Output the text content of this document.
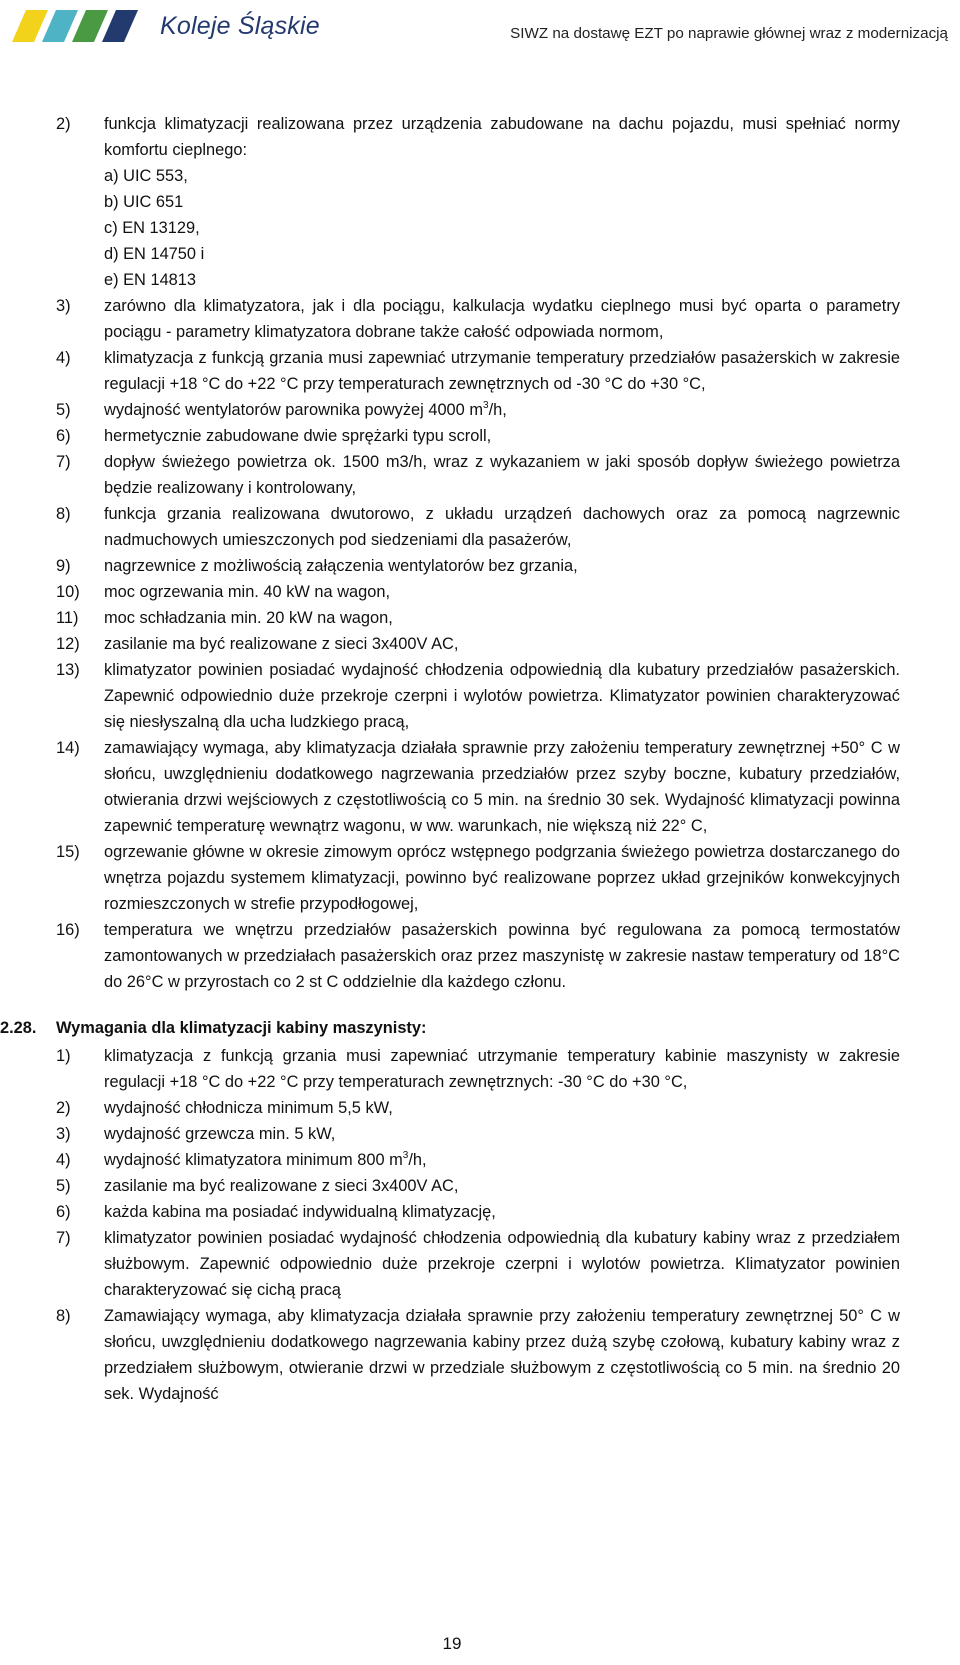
Koleje Śląskie	SIWZ na dostawę EZT po naprawie głównej wraz z modernizacją
2) funkcja klimatyzacji realizowana przez urządzenia zabudowane na dachu pojazdu, musi spełniać normy komfortu cieplnego:
a) UIC 553,
b) UIC 651
c) EN 13129,
d) EN 14750 i
e) EN 14813
3) zarówno dla klimatyzatora, jak i dla pociągu, kalkulacja wydatku cieplnego musi być oparta o parametry pociągu - parametry klimatyzatora dobrane także całość odpowiada normom,
4) klimatyzacja z funkcją grzania musi zapewniać utrzymanie temperatury przedziałów pasażerskich w zakresie regulacji +18 °C do +22 °C przy temperaturach zewnętrznych od -30 °C do +30 °C,
5) wydajność wentylatorów parownika powyżej 4000 $m^3/h$,
6) hermetycznie zabudowane dwie sprężarki typu scroll,
7) dopływ świeżego powietrza ok. 1500 m3/h, wraz z wykazaniem w jaki sposób dopływ świeżego powietrza będzie realizowany i kontrolowany,
8) funkcja grzania realizowana dwutorowo, z układu urządzeń dachowych oraz za pomocą nagrzewnic nadmuchowych umieszczonych pod siedzeniami dla pasażerów,
9) nagrzewnice z możliwością załączenia wentylatorów bez grzania,
10) moc ogrzewania min. 40 kW na wagon,
11) moc schładzania min. 20 kW na wagon,
12) zasilanie ma być realizowane z sieci 3x400V AC,
13) klimatyzator powinien posiadać wydajność chłodzenia odpowiednią dla kubatury przedziałów pasażerskich. Zapewnić odpowiednio duże przekroje czerpni i wylotów powietrza. Klimatyzator powinien charakteryzować się niesłyszalną dla ucha ludzkiego pracą,
14) zamawiający wymaga, aby klimatyzacja działała sprawnie przy założeniu temperatury zewnętrznej +50° C w słońcu, uwzględnieniu dodatkowego nagrzewania przedziałów przez szyby boczne, kubatury przedziałów, otwierania drzwi wejściowych z częstotliwością co 5 min. na średnio 30 sek. Wydajność klimatyzacji powinna zapewnić temperaturę wewnątrz wagonu, w ww. warunkach, nie większą niż 22° C,
15) ogrzewanie główne w okresie zimowym oprócz wstępnego podgrzania świeżego powietrza dostarczanego do wnętrza pojazdu systemem klimatyzacji, powinno być realizowane poprzez układ grzejników konwekcyjnych rozmieszczonych w strefie przypodłogowej,
16) temperatura we wnętrzu przedziałów pasażerskich powinna być regulowana za pomocą termostatów zamontowanych w przedziałach pasażerskich oraz przez maszynistę w zakresie nastaw temperatury od 18°C do 26°C w przyrostach co 2 st C oddzielnie dla każdego członu.
2.28. Wymagania dla klimatyzacji kabiny maszynisty:
1) klimatyzacja z funkcją grzania musi zapewniać utrzymanie temperatury kabinie maszynisty w zakresie regulacji +18 °C do +22 °C przy temperaturach zewnętrznych: -30 °C do +30 °C,
2) wydajność chłodnicza minimum 5,5 kW,
3) wydajność grzewcza min. 5 kW,
4) wydajność klimatyzatora minimum 800 $m^3/h$,
5) zasilanie ma być realizowane z sieci 3x400V AC,
6) każda kabina ma posiadać indywidualną klimatyzację,
7) klimatyzator powinien posiadać wydajność chłodzenia odpowiednią dla kubatury kabiny wraz z przedziałem służbowym. Zapewnić odpowiednio duże przekroje czerpni i wylotów powietrza. Klimatyzator powinien charakteryzować się cichą pracą
8) Zamawiający wymaga, aby klimatyzacja działała sprawnie przy założeniu temperatury zewnętrznej 50° C w słońcu, uwzględnieniu dodatkowego nagrzewania kabiny przez dużą szybę czołową, kubatury kabiny wraz z przedziałem służbowym, otwieranie drzwi w przedziale służbowym z częstotliwością co 5 min. na średnio 20 sek. Wydajność
19
